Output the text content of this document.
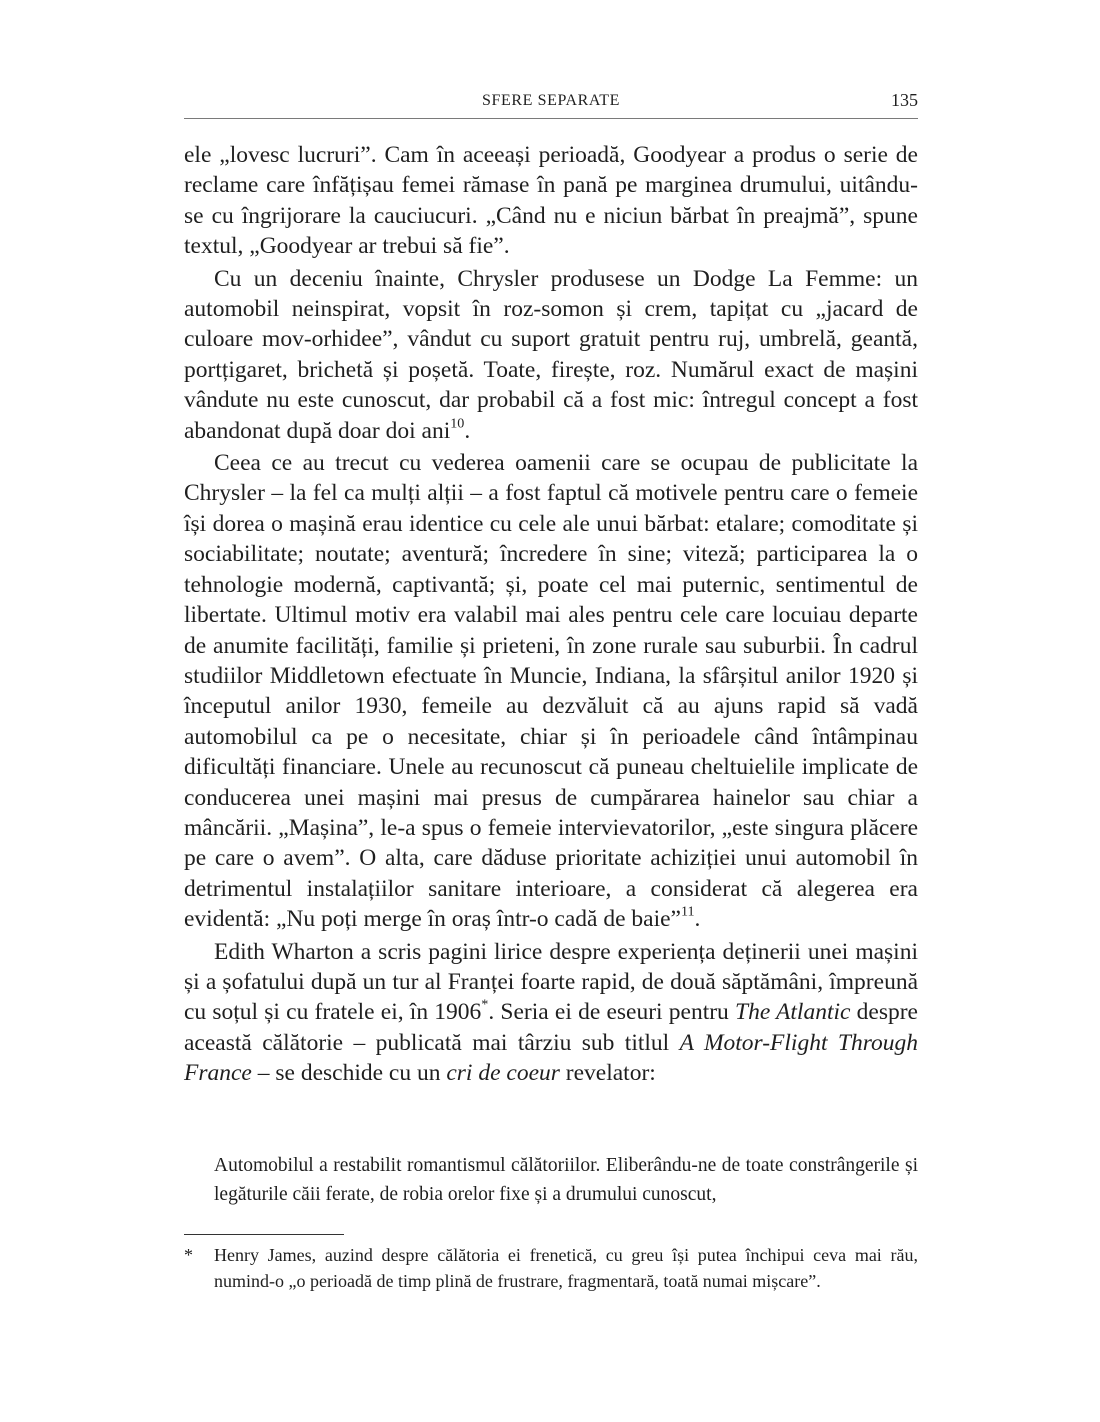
SFERE SEPARATE	135

ele „lovesc lucruri”. Cam în aceeași perioadă, Goodyear a produs o serie de reclame care înfățișau femei rămase în pană pe marginea drumului, uitându-se cu îngrijorare la cauciucuri. „Când nu e niciun bărbat în preajmă”, spune textul, „Goodyear ar trebui să fie”.

Cu un deceniu înainte, Chrysler produsese un Dodge La Femme: un automobil neinspirat, vopsit în roz-somon și crem, tapițat cu „jacard de culoare mov-orhidee”, vândut cu suport gratuit pentru ruj, umbrelă, geantă, portțigaret, brichetă și poșetă. Toate, firește, roz. Numărul exact de mașini vândute nu este cunoscut, dar probabil că a fost mic: întregul concept a fost abandonat după doar doi ani$^{10}$.

Ceea ce au trecut cu vederea oamenii care se ocupau de publicitate la Chrysler – la fel ca mulți alții – a fost faptul că motivele pentru care o femeie își dorea o mașină erau identice cu cele ale unui bărbat: etalare; comoditate și sociabilitate; noutate; aventură; încredere în sine; viteză; participarea la o tehnologie modernă, captivantă; și, poate cel mai puternic, sentimentul de libertate. Ultimul motiv era valabil mai ales pentru cele care locuiau departe de anumite facilități, familie și prieteni, în zone rurale sau suburbii. În cadrul studiilor Middletown efectuate în Muncie, Indiana, la sfârșitul anilor 1920 și începutul anilor 1930, femeile au dezvăluit că au ajuns rapid să vadă automobilul ca pe o necesitate, chiar și în perioadele când întâmpinau dificultăți financiare. Unele au recunoscut că puneau cheltuielile implicate de conducerea unei mașini mai presus de cumpărarea hainelor sau chiar a mâncării. „Mașina”, le-a spus o femeie intervievatorilor, „este singura plăcere pe care o avem”. O alta, care dăduse prioritate achiziției unui automobil în detrimentul instalațiilor sanitare interioare, a considerat că alegerea era evidentă: „Nu poți merge în oraș într-o cadă de baie”$^{11}$.

Edith Wharton a scris pagini lirice despre experiența deținerii unei mașini și a șofatului după un tur al Franței foarte rapid, de două săptămâni, împreună cu soțul și cu fratele ei, în 1906*. Seria ei de eseuri pentru The Atlantic despre această călătorie – publicată mai târziu sub titlul A Motor-Flight Through France – se deschide cu un cri de coeur revelator:

Automobilul a restabilit romantismul călătoriilor. Eliberându-ne de toate constrângerile și legăturile căii ferate, de robia orelor fixe și a drumului cunoscut,

*	Henry James, auzind despre călătoria ei frenetică, cu greu își putea închipui ceva mai rău, numind-o „o perioadă de timp plină de frustrare, fragmentară, toată numai mișcare”.
